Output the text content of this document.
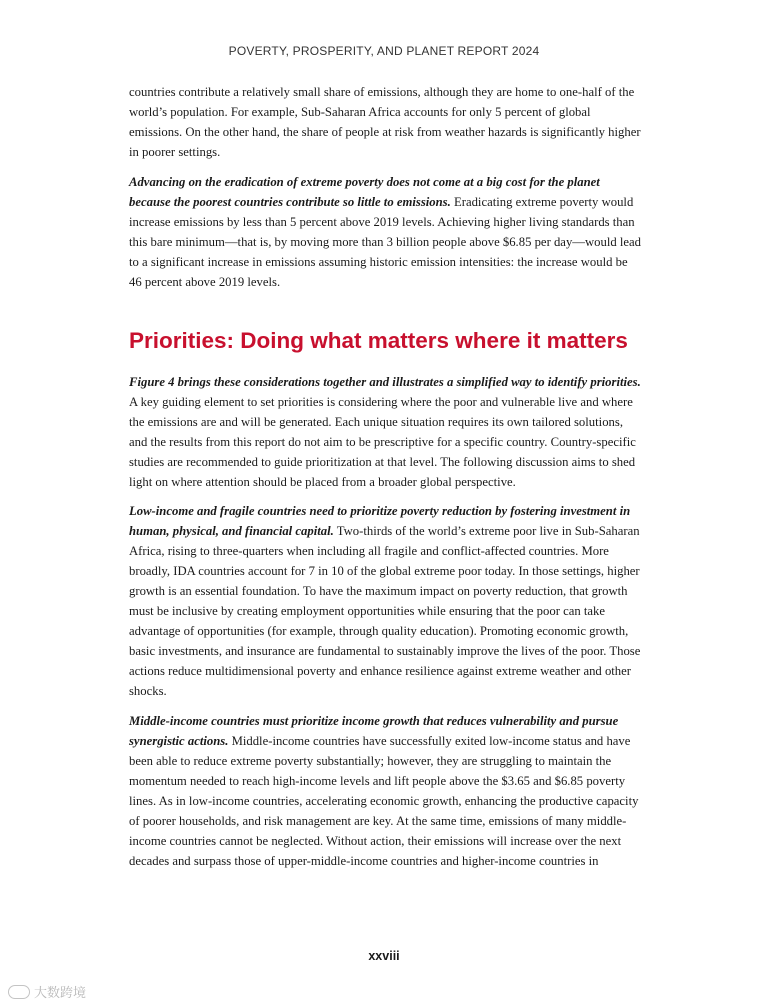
POVERTY, PROSPERITY, AND PLANET REPORT 2024

countries contribute a relatively small share of emissions, although they are home to one-half of the world’s population. For example, Sub-Saharan Africa accounts for only 5 percent of global emissions. On the other hand, the share of people at risk from weather hazards is significantly higher in poorer settings.

Advancing on the eradication of extreme poverty does not come at a big cost for the planet because the poorest countries contribute so little to emissions. Eradicating extreme poverty would increase emissions by less than 5 percent above 2019 levels. Achieving higher living standards than this bare minimum—that is, by moving more than 3 billion people above $6.85 per day—would lead to a significant increase in emissions assuming historic emission intensities: the increase would be 46 percent above 2019 levels.

Priorities: Doing what matters where it matters

Figure 4 brings these considerations together and illustrates a simplified way to identify priorities. A key guiding element to set priorities is considering where the poor and vulnerable live and where the emissions are and will be generated. Each unique situation requires its own tailored solutions, and the results from this report do not aim to be prescriptive for a specific country. Country-specific studies are recommended to guide prioritization at that level. The following discussion aims to shed light on where attention should be placed from a broader global perspective.

Low-income and fragile countries need to prioritize poverty reduction by fostering investment in human, physical, and financial capital. Two-thirds of the world’s extreme poor live in Sub-Saharan Africa, rising to three-quarters when including all fragile and conflict-affected countries. More broadly, IDA countries account for 7 in 10 of the global extreme poor today. In those settings, higher growth is an essential foundation. To have the maximum impact on poverty reduction, that growth must be inclusive by creating employment opportunities while ensuring that the poor can take advantage of opportunities (for example, through quality education). Promoting economic growth, basic investments, and insurance are fundamental to sustainably improve the lives of the poor. Those actions reduce multidimensional poverty and enhance resilience against extreme weather and other shocks.

Middle-income countries must prioritize income growth that reduces vulnerability and pursue synergistic actions. Middle-income countries have successfully exited low-income status and have been able to reduce extreme poverty substantially; however, they are struggling to maintain the momentum needed to reach high-income levels and lift people above the $3.65 and $6.85 poverty lines. As in low-income countries, accelerating economic growth, enhancing the productive capacity of poorer households, and risk management are key. At the same time, emissions of many middle-income countries cannot be neglected. Without action, their emissions will increase over the next decades and surpass those of upper-middle-income countries and higher-income countries in

xxviii
大数跨境
